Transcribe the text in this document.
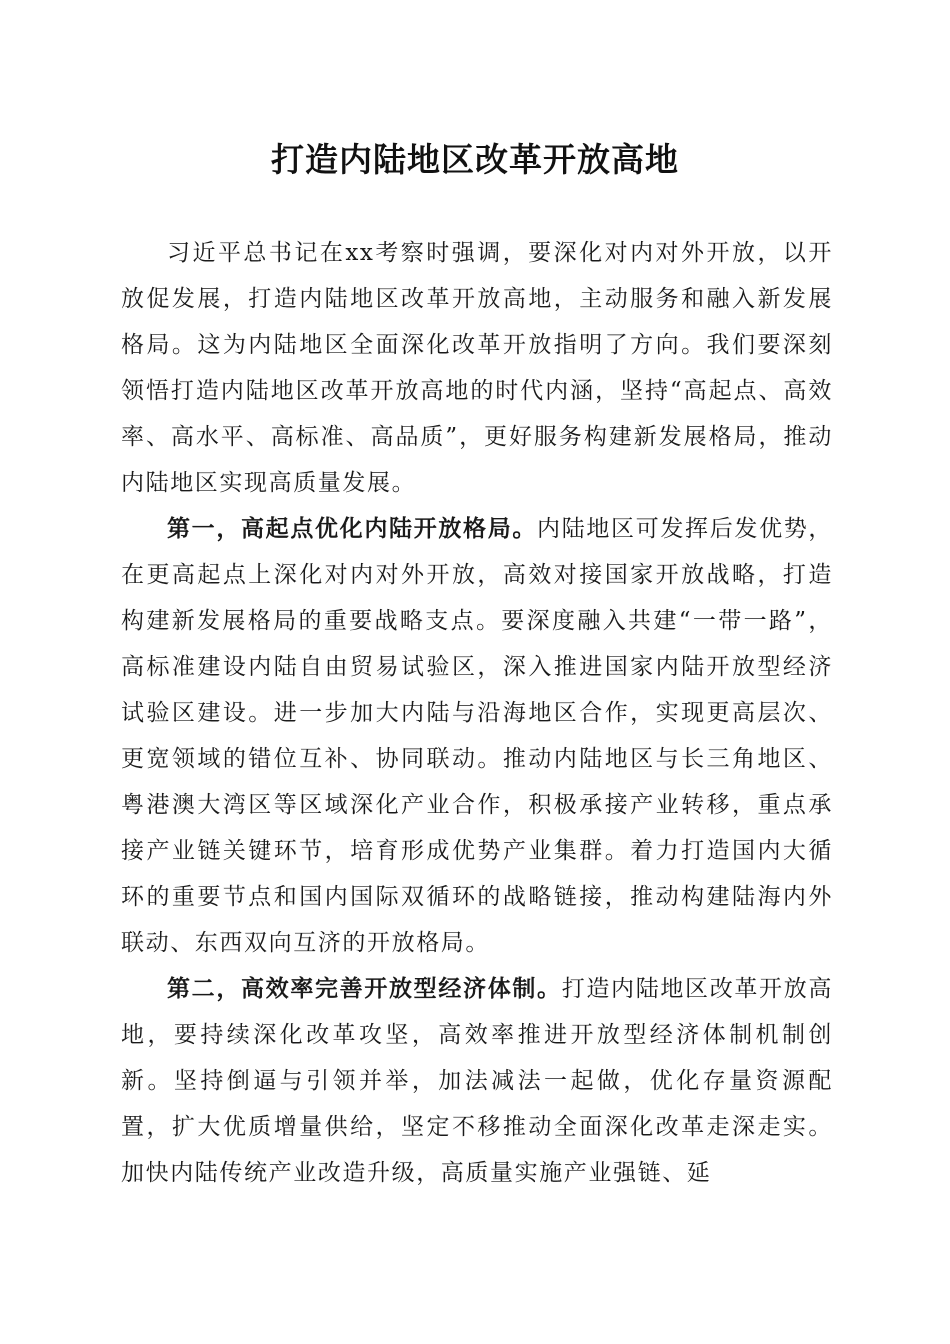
打造内陆地区改革开放高地

习近平总书记在xx考察时强调，要深化对内对外开放，以开放促发展，打造内陆地区改革开放高地，主动服务和融入新发展格局。这为内陆地区全面深化改革开放指明了方向。我们要深刻领悟打造内陆地区改革开放高地的时代内涵，坚持“高起点、高效率、高水平、高标准、高品质”，更好服务构建新发展格局，推动内陆地区实现高质量发展。

第一，高起点优化内陆开放格局。内陆地区可发挥后发优势，在更高起点上深化对内对外开放，高效对接国家开放战略，打造构建新发展格局的重要战略支点。要深度融入共建“一带一路”，高标准建设内陆自由贸易试验区，深入推进国家内陆开放型经济试验区建设。进一步加大内陆与沿海地区合作，实现更高层次、更宽领域的错位互补、协同联动。推动内陆地区与长三角地区、粤港澳大湾区等区域深化产业合作，积极承接产业转移，重点承接产业链关键环节，培育形成优势产业集群。着力打造国内大循环的重要节点和国内国际双循环的战略链接，推动构建陆海内外联动、东西双向互济的开放格局。

第二，高效率完善开放型经济体制。打造内陆地区改革开放高地，要持续深化改革攻坚，高效率推进开放型经济体制机制创新。坚持倒逼与引领并举，加法减法一起做，优化存量资源配置，扩大优质增量供给，坚定不移推动全面深化改革走深走实。加快内陆传统产业改造升级，高质量实施产业强链、延
